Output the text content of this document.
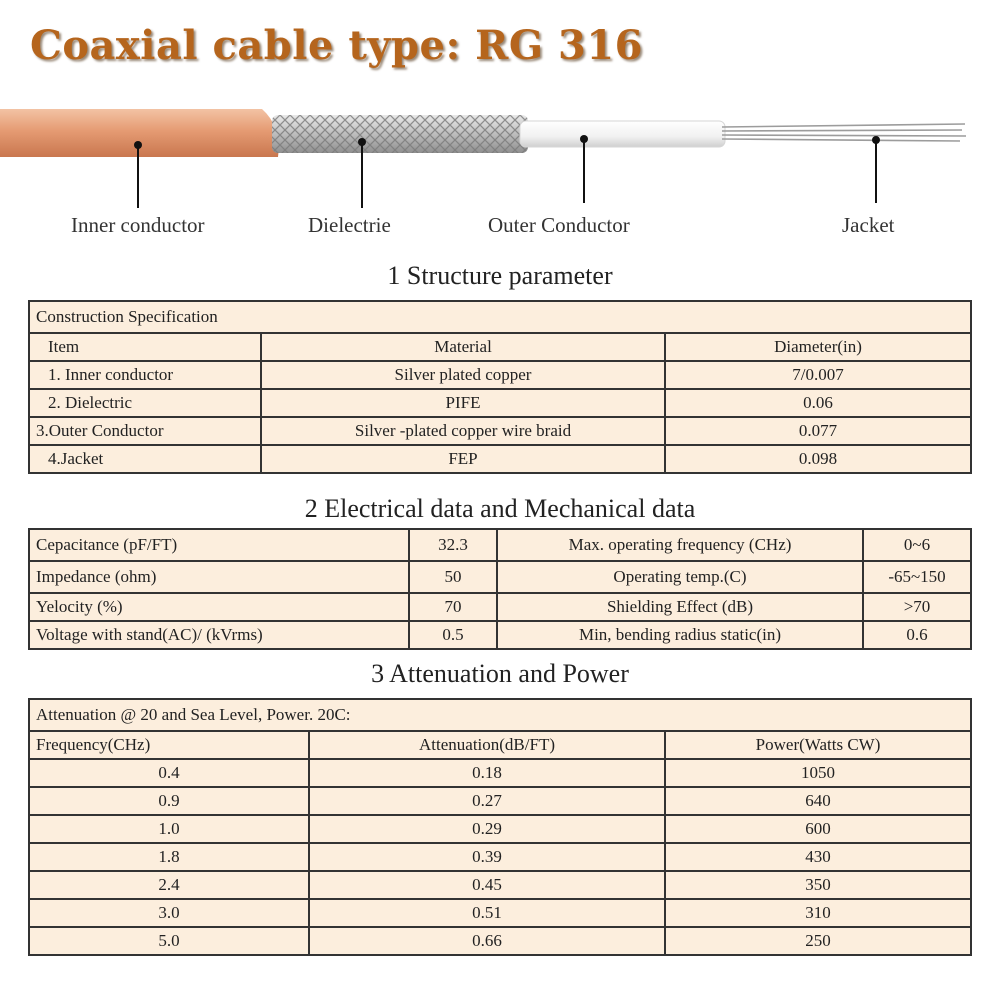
Coaxial cable type: RG 316
Inner conductor	Dielectrie	Outer Conductor	Jacket
1 Structure parameter
Construction Specification		
Item	Material	Diameter(in)
1. Inner conductor	Silver plated copper	7/0.007
2. Dielectric	PIFE	0.06
3.Outer Conductor	Silver -plated copper wire braid	0.077
4.Jacket	FEP	0.098
2 Electrical data and Mechanical data
Cepacitance (pF/FT)	32.3	Max. operating frequency (CHz)	0~6
Impedance (ohm)	50	Operating temp.(C)	-65~150
Yelocity (%)	70	Shielding Effect (dB)	>70
Voltage with stand(AC)/ (kVrms)	0.5	Min, bending radius static(in)	0.6
3 Attenuation and Power
Attenuation @ 20 and Sea Level, Power. 20C:		
Frequency(CHz)	Attenuation(dB/FT)	Power(Watts CW)
0.4	0.18	1050
0.9	0.27	640
1.0	0.29	600
1.8	0.39	430
2.4	0.45	350
3.0	0.51	310
5.0	0.66	250
